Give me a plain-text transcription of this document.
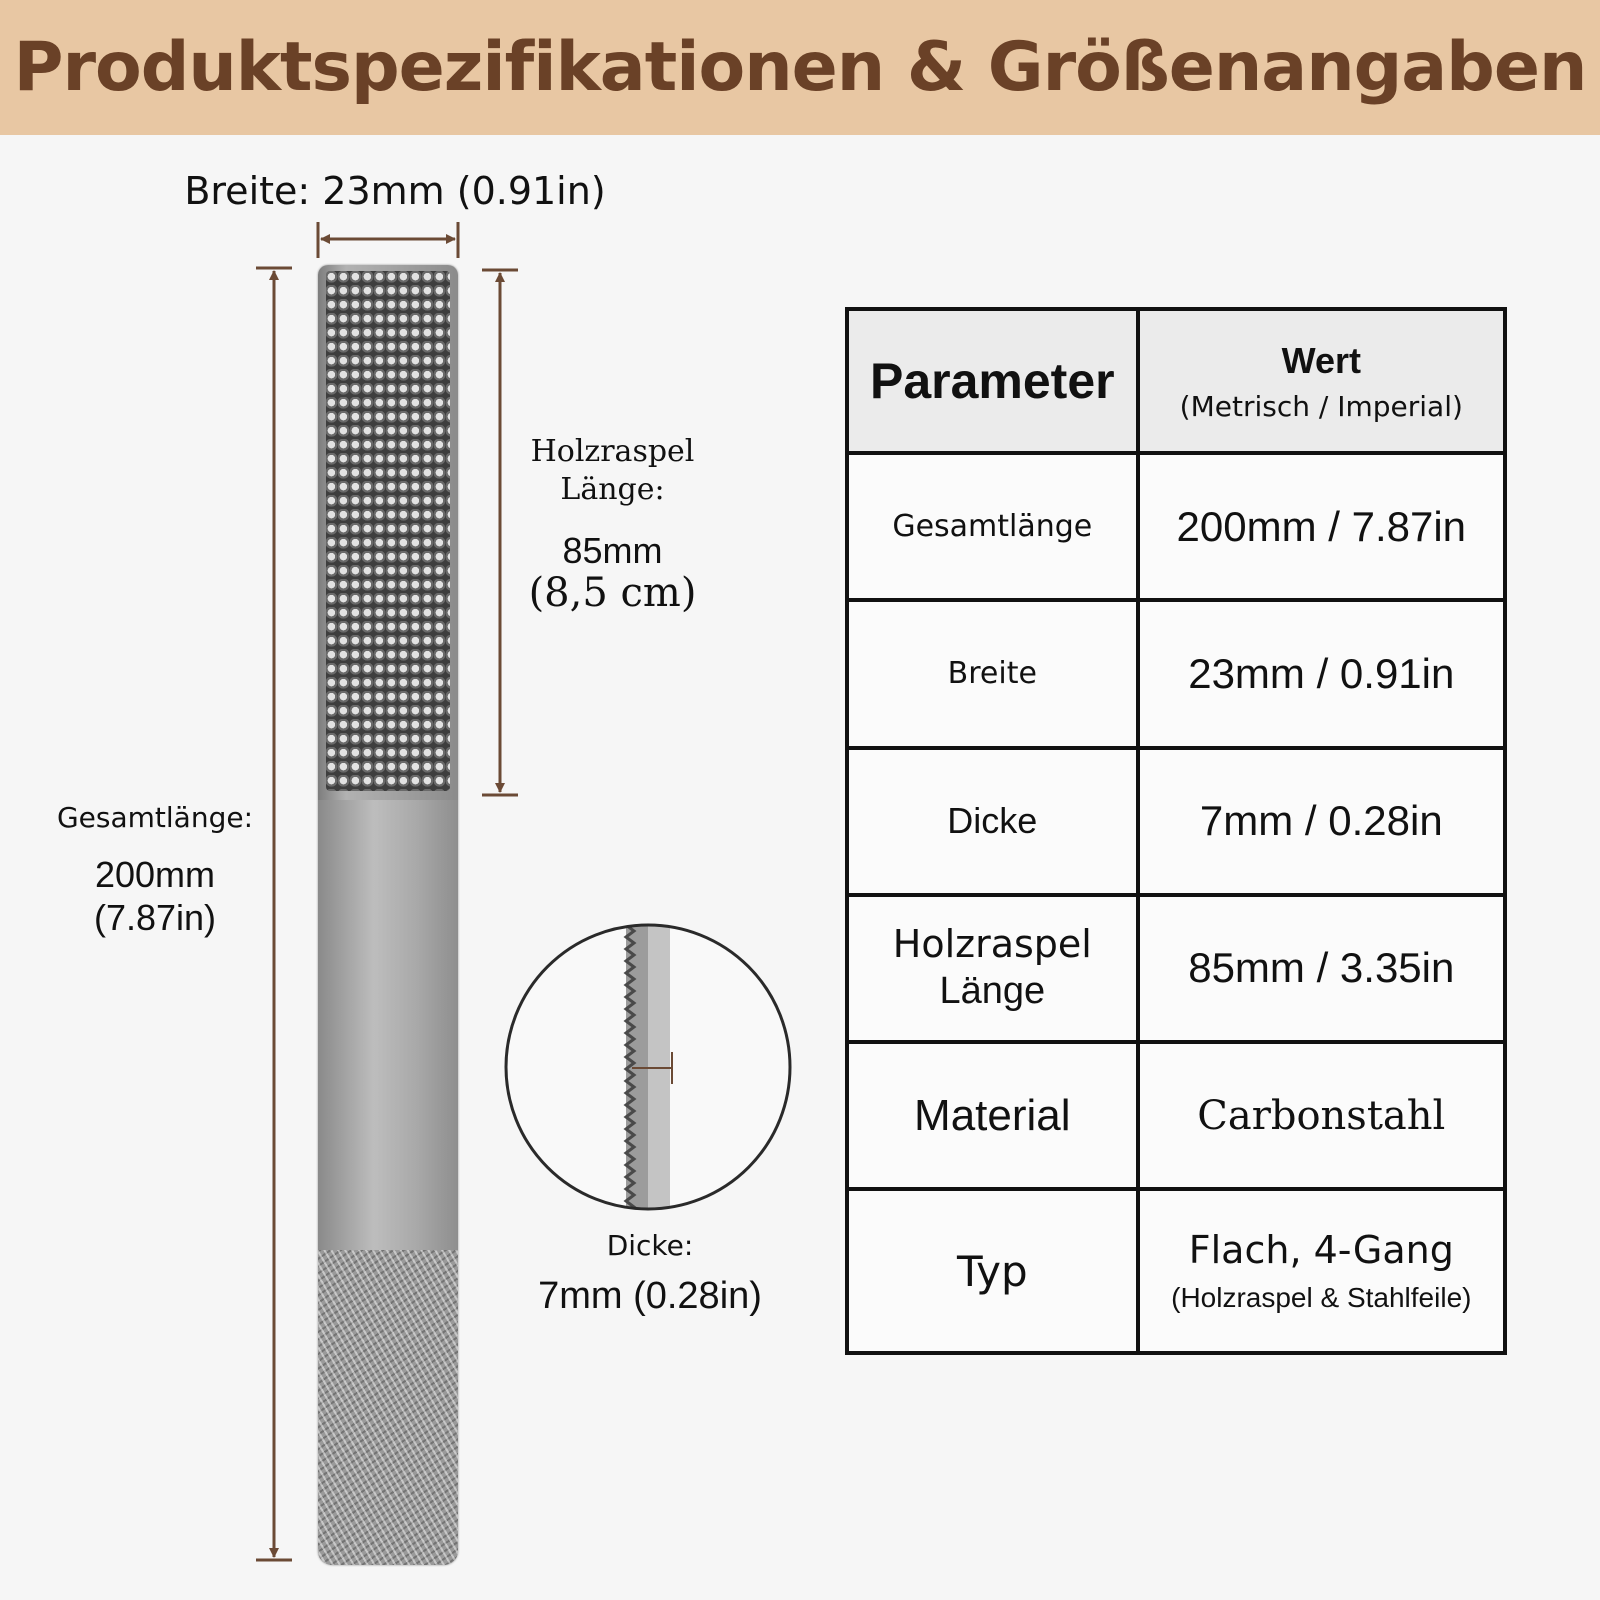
Produktspezifikationen & Größenangaben
Breite: 23mm (0.91in)
Holzraspel
Länge:
85mm
(8,5 cm)
Gesamtlänge:
200mm
(7.87in)
Dicke:
7mm (0.28in)
Parameter	Wert
(Metrisch / Imperial)

Gesamtlänge	200mm / 7.87in
Breite	23mm / 0.91in
Dicke	7mm / 0.28in

Holzraspel
Länge	85mm / 3.35in
Material	Carbonstahl
Typ	Flach, 4-Gang
(Holzraspel & Stahlfeile)
